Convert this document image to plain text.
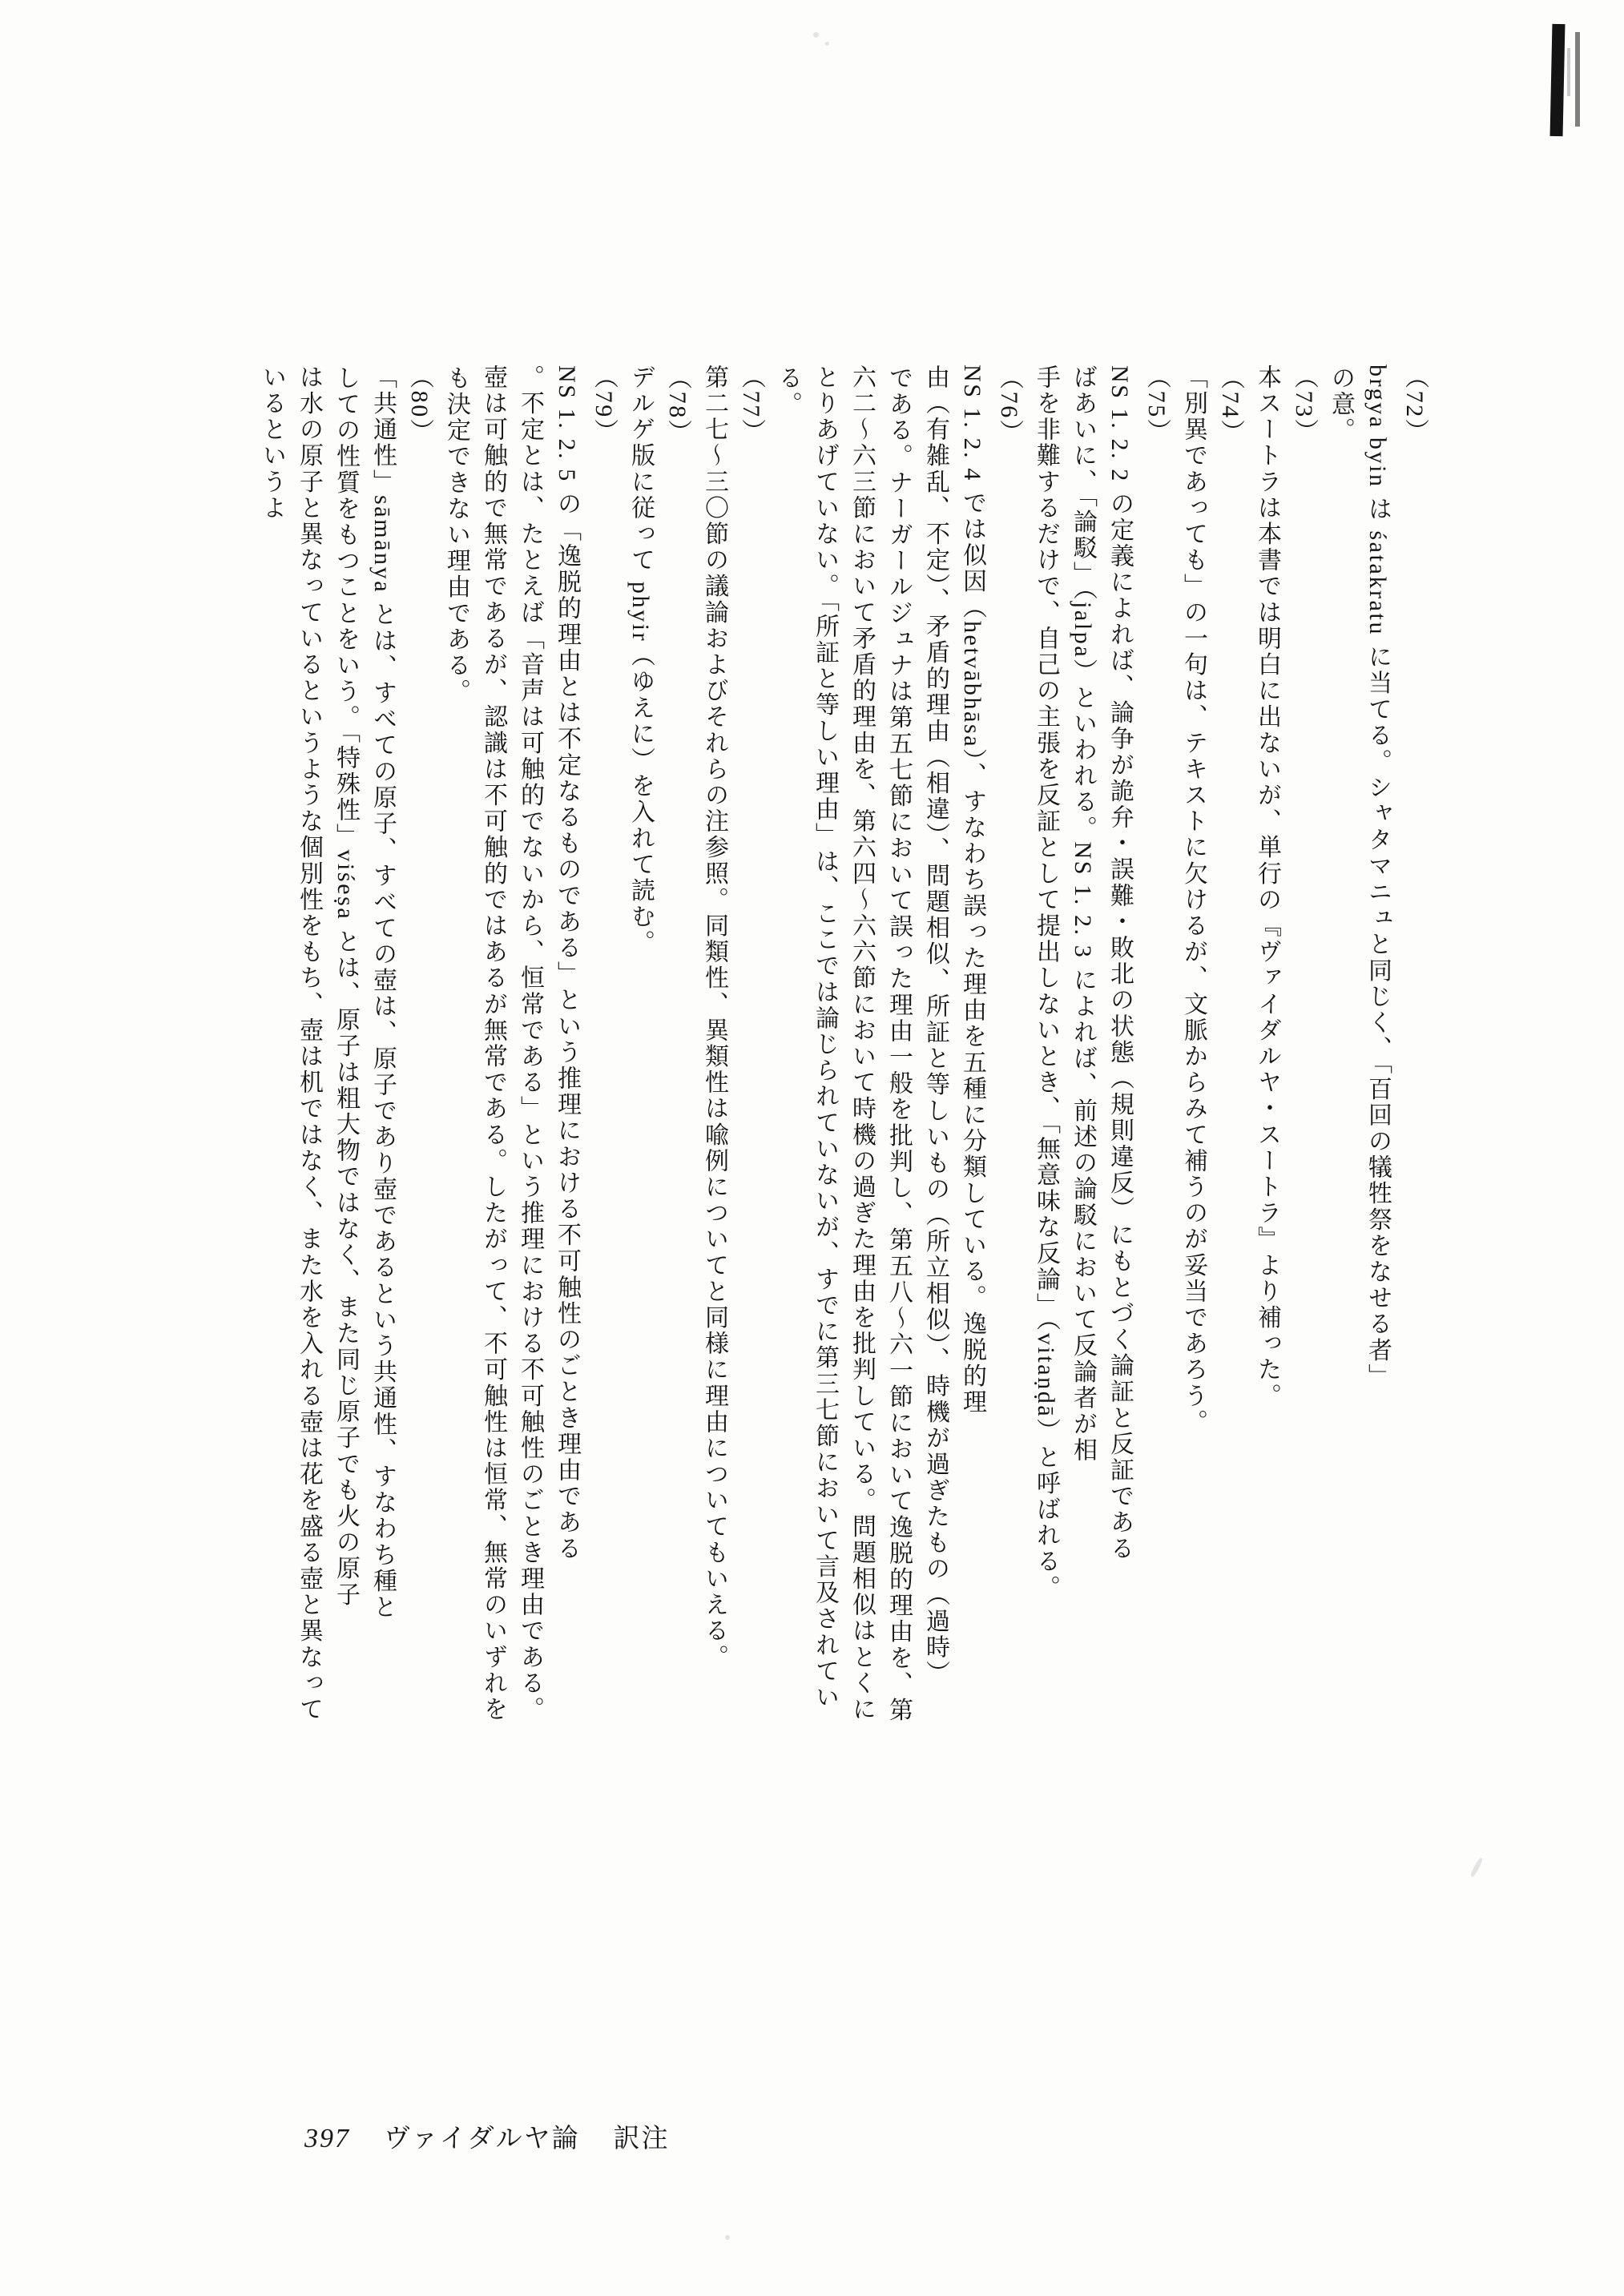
（72）
brgya byin は śatakratu に当てる。シャタマニュと同じく、「百回の犠牲祭をなせる者」
の意。
（73）
本スートラは本書では明白に出ないが、単行の『ヴァイダルヤ・スートラ』より補った。
（74）
「別異であっても」の一句は、テキストに欠けるが、文脈からみて補うのが妥当であろう。
（75）
NS 1. 2. 2 の定義によれば、論争が詭弁・誤難・敗北の状態（規則違反）にもとづく論証と反証である
ばあいに、「論駁」（jalpa）といわれる。NS 1. 2. 3 によれば、前述の論駁において反論者が相
手を非難するだけで、自己の主張を反証として提出しないとき、「無意味な反論」（vitaṇḍā）と呼ばれる。
（76）
NS 1. 2. 4 では似因（hetvābhāsa）、すなわち誤った理由を五種に分類している。逸脱的理
由（有雑乱、不定）、矛盾的理由（相違）、問題相似、所証と等しいもの（所立相似）、時機が過ぎたもの（過時）
である。ナーガールジュナは第五七節において誤った理由一般を批判し、第五八〜六一節において逸脱的理由を、第
六二〜六三節において矛盾的理由を、第六四〜六六節において時機の過ぎた理由を批判している。問題相似はとくに
とりあげていない。「所証と等しい理由」は、ここでは論じられていないが、すでに第三七節において言及されてい
る。
（77）
第二七〜三〇節の議論およびそれらの注参照。同類性、異類性は喩例についてと同様に理由についてもいえる。
（78）
デルゲ版に従って phyir（ゆえに）を入れて読む。
（79）
NS 1. 2. 5 の「逸脱的理由とは不定なるものである」という推理における不可触性のごとき理由である
。不定とは、たとえば「音声は可触的でないから、恒常である」という推理における不可触性のごとき理由である。
壺は可触的で無常であるが、認識は不可触的ではあるが無常である。したがって、不可触性は恒常、無常のいずれを
も決定できない理由である。
（80）
「共通性」sāmānya とは、すべての原子、すべての壺は、原子であり壺であるという共通性、すなわち種と
しての性質をもつことをいう。「特殊性」viśeṣa とは、原子は粗大物ではなく、また同じ原子でも火の原子
は水の原子と異なっているというような個別性をもち、壺は机ではなく、また水を入れる壺は花を盛る壺と異なって
いるというよ
397 ヴァイダルヤ論 訳注
